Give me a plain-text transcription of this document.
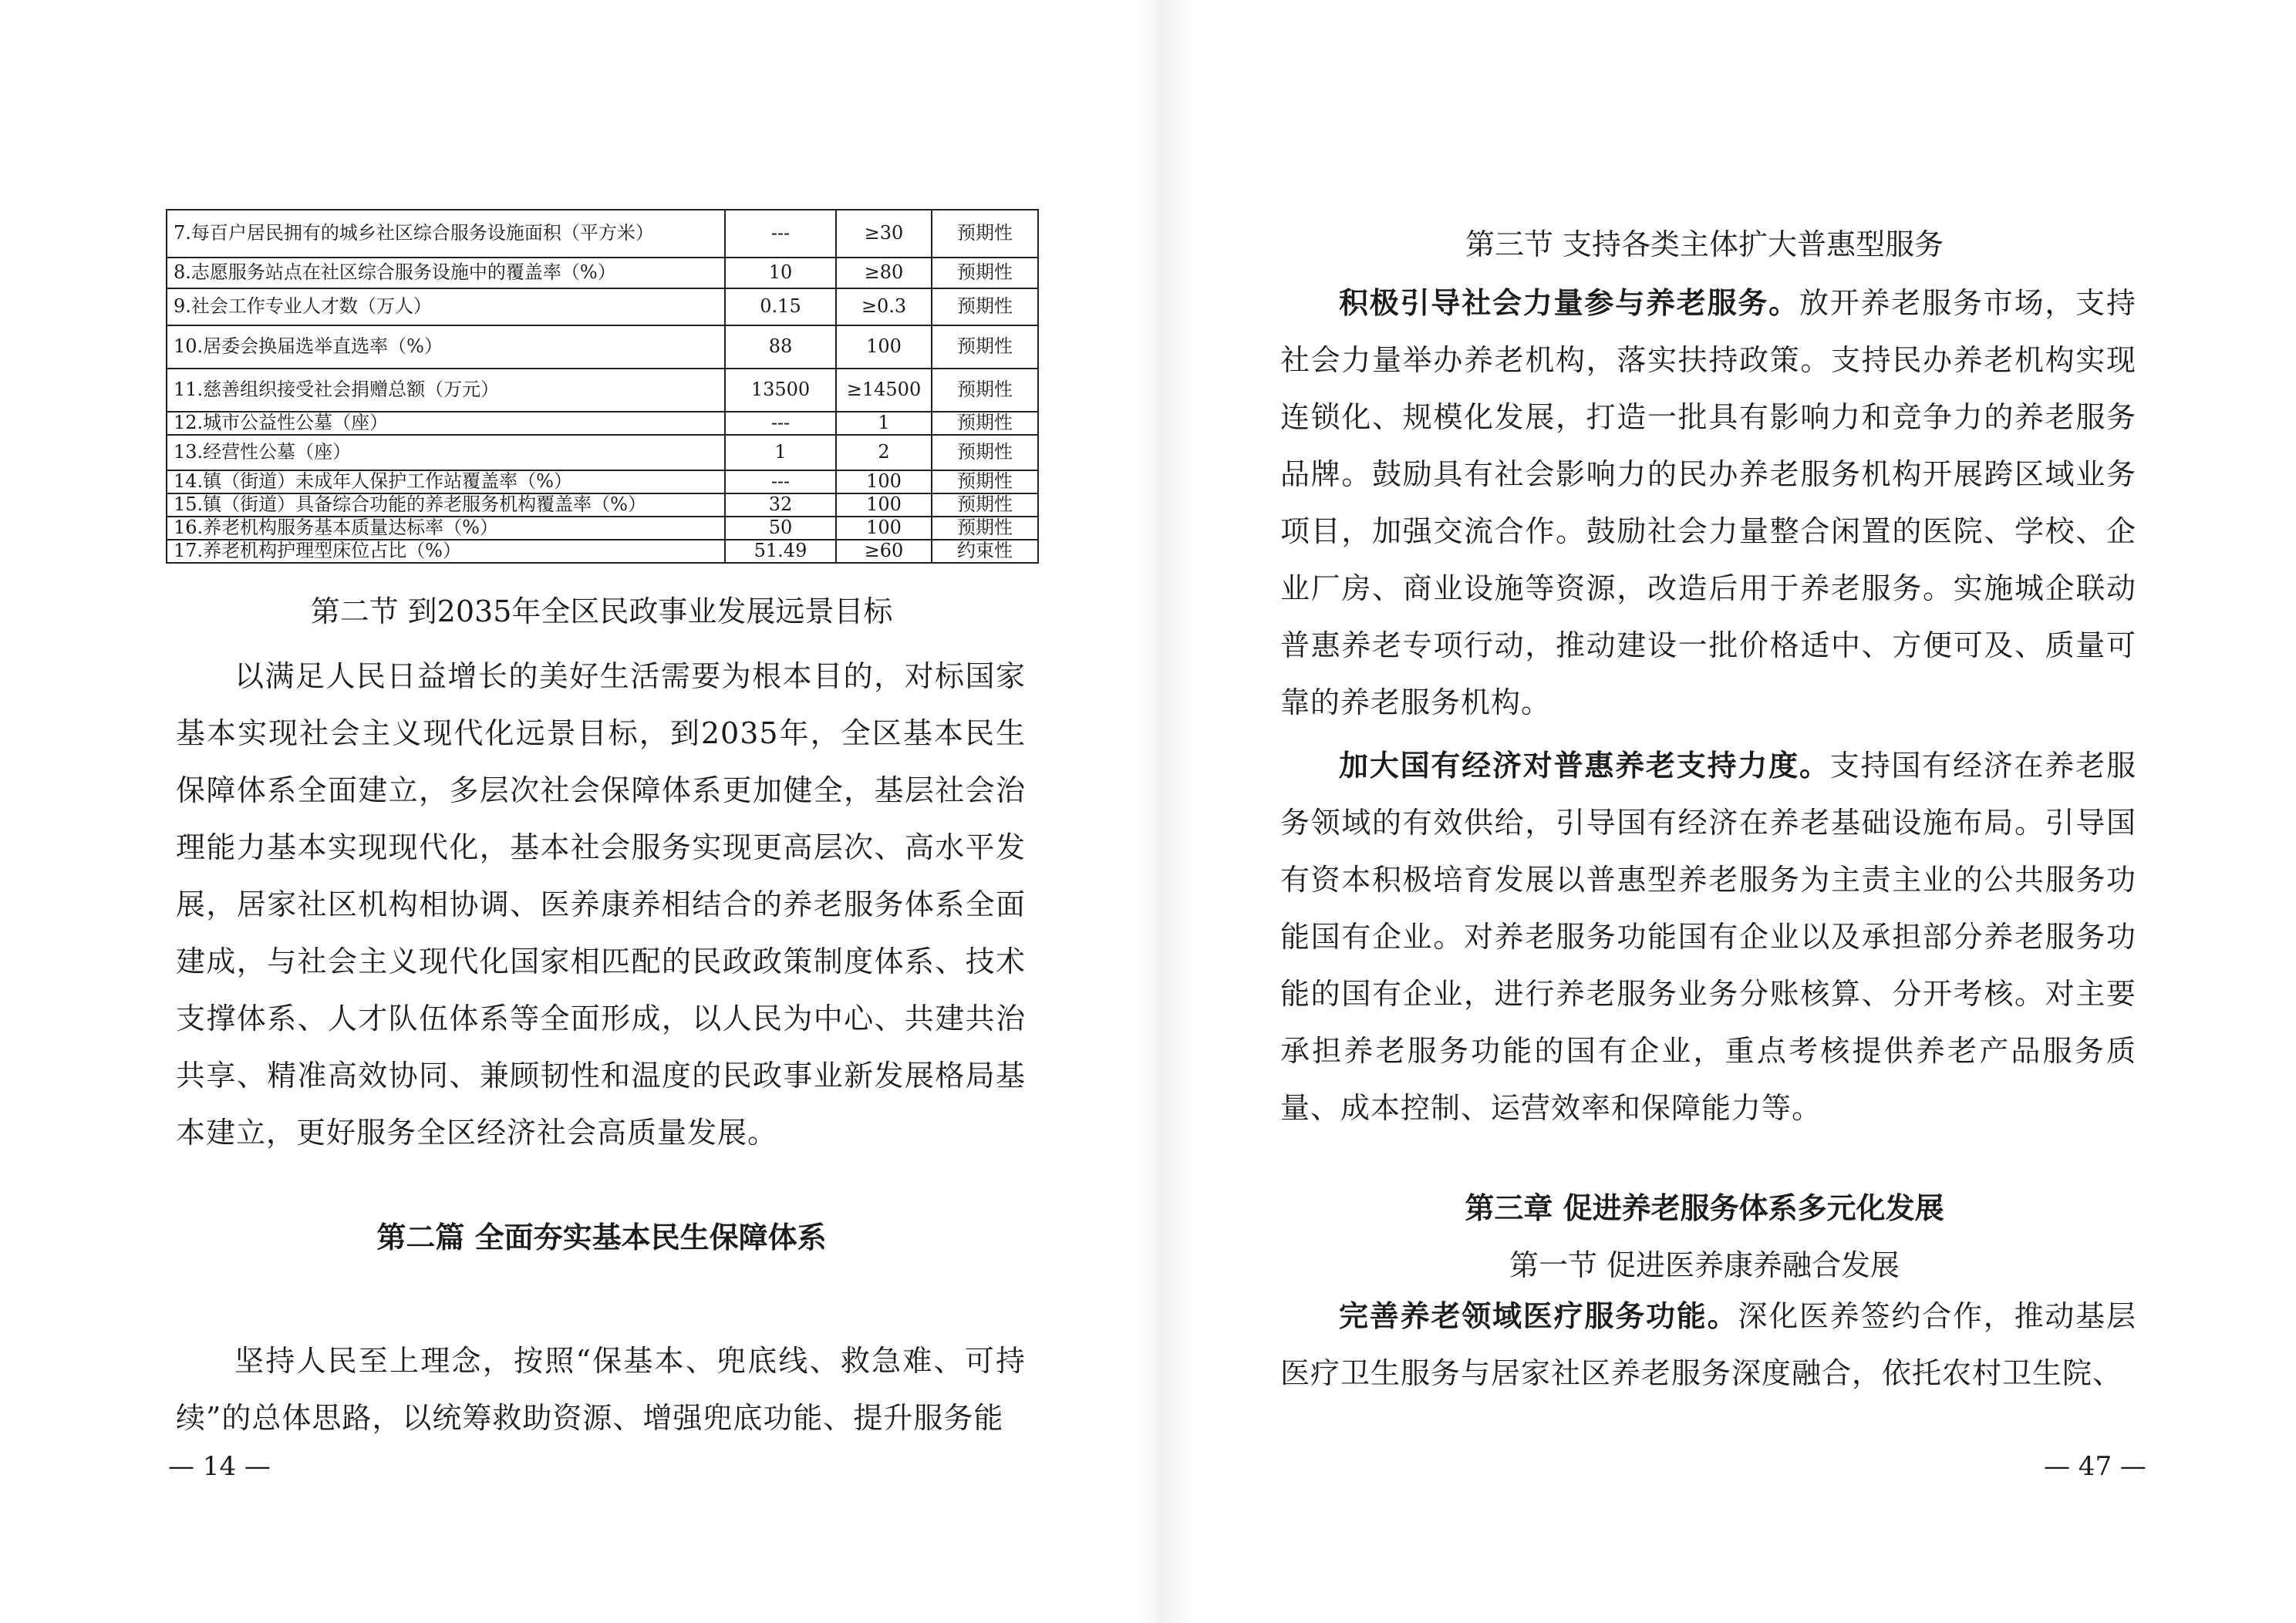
7.每百户居民拥有的城乡社区综合服务设施面积（平方米）	---	≥30	预期性
8.志愿服务站点在社区综合服务设施中的覆盖率（%）	10	≥80	预期性
9.社会工作专业人才数（万人）	0.15	≥0.3	预期性
10.居委会换届选举直选率（%）	88	100	预期性
11.慈善组织接受社会捐赠总额（万元）	13500	≥14500	预期性
12.城市公益性公墓（座）	---	1	预期性
13.经营性公墓（座）	1	2	预期性
14.镇（街道）未成年人保护工作站覆盖率（%）	---	100	预期性
15.镇（街道）具备综合功能的养老服务机构覆盖率（%）	32	100	预期性
16.养老机构服务基本质量达标率（%）	50	100	预期性
17.养老机构护理型床位占比（%）	51.49	≥60	约束性
第二节 到2035年全区民政事业发展远景目标

以满足人民日益增长的美好生活需要为根本目的，对标国家基本实现社会主义现代化远景目标，到2035年，全区基本民生保障体系全面建立，多层次社会保障体系更加健全，基层社会治理能力基本实现现代化，基本社会服务实现更高层次、高水平发展，居家社区机构相协调、医养康养相结合的养老服务体系全面建成，与社会主义现代化国家相匹配的民政政策制度体系、技术支撑体系、人才队伍体系等全面形成，以人民为中心、共建共治共享、精准高效协同、兼顾韧性和温度的民政事业新发展格局基本建立，更好服务全区经济社会高质量发展。

第二篇 全面夯实基本民生保障体系

坚持人民至上理念，按照“保基本、兜底线、救急难、可持续”的总体思路，以统筹救助资源、增强兜底功能、提升服务能

— 14 —
第三节 支持各类主体扩大普惠型服务

积极引导社会力量参与养老服务。放开养老服务市场，支持社会力量举办养老机构，落实扶持政策。支持民办养老机构实现连锁化、规模化发展，打造一批具有影响力和竞争力的养老服务品牌。鼓励具有社会影响力的民办养老服务机构开展跨区域业务项目，加强交流合作。鼓励社会力量整合闲置的医院、学校、企业厂房、商业设施等资源，改造后用于养老服务。实施城企联动普惠养老专项行动，推动建设一批价格适中、方便可及、质量可靠的养老服务机构。

加大国有经济对普惠养老支持力度。支持国有经济在养老服务领域的有效供给，引导国有经济在养老基础设施布局。引导国有资本积极培育发展以普惠型养老服务为主责主业的公共服务功能国有企业。对养老服务功能国有企业以及承担部分养老服务功能的国有企业，进行养老服务业务分账核算、分开考核。对主要承担养老服务功能的国有企业，重点考核提供养老产品服务质量、成本控制、运营效率和保障能力等。

第三章 促进养老服务体系多元化发展
第一节 促进医养康养融合发展

完善养老领域医疗服务功能。深化医养签约合作，推动基层医疗卫生服务与居家社区养老服务深度融合，依托农村卫生院、

— 47 —
